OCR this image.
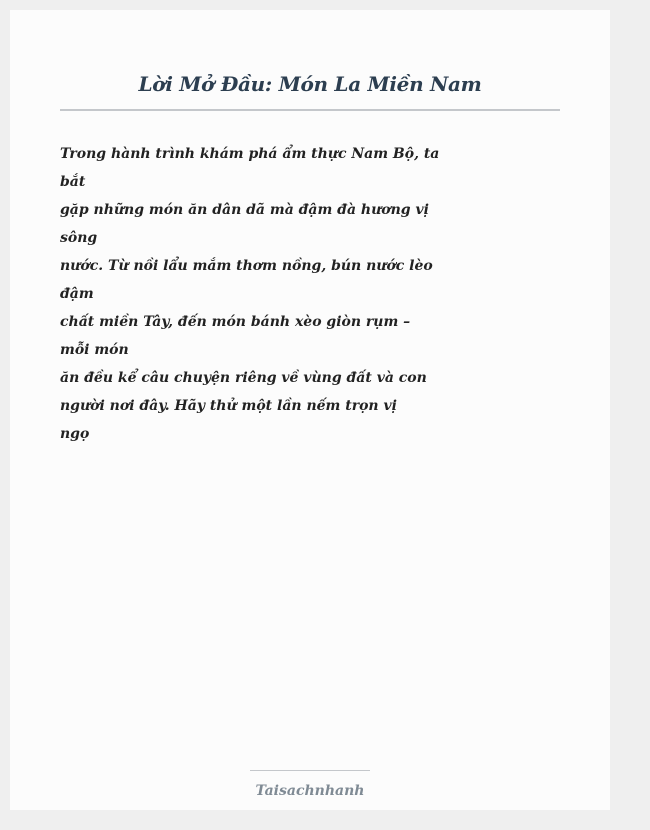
Lời Mở Đầu: Món La Miền Nam
Trong hành trình khám phá ẩm thực Nam Bộ, ta
bắt
gặp những món ăn dân dã mà đậm đà hương vị
sông
nước. Từ nồi lẩu mắm thơm nồng, bún nước lèo
đậm
chất miền Tây, đến món bánh xèo giòn rụm –
mỗi món
ăn đều kể câu chuyện riêng về vùng đất và con
người nơi đây. Hãy thử một lần nếm trọn vị
ngọ
Taisachnhanh
